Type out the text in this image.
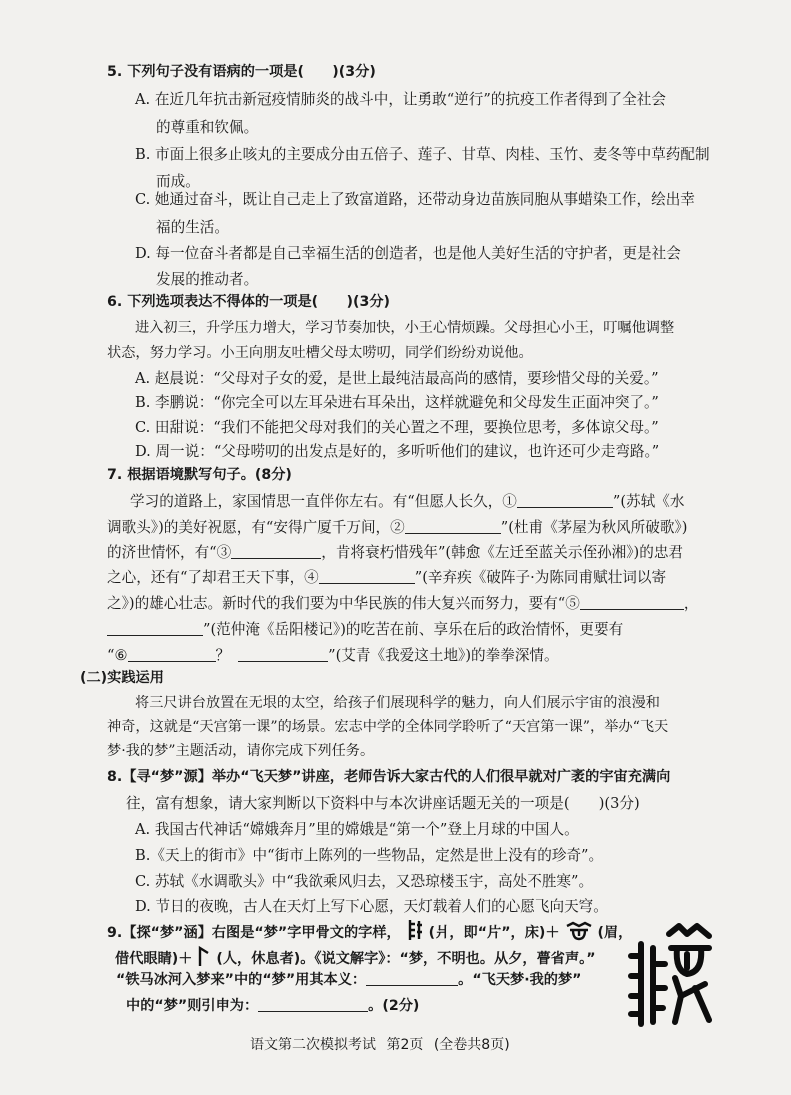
5. 下列句子没有语病的一项是(　　)(3分)
A. 在近几年抗击新冠疫情肺炎的战斗中，让勇敢“逆行”的抗疫工作者得到了全社会
的尊重和钦佩。
B. 市面上很多止咳丸的主要成分由五倍子、莲子、甘草、肉桂、玉竹、麦冬等中草药配制
而成。
C. 她通过奋斗，既让自己走上了致富道路，还带动身边苗族同胞从事蜡染工作，绘出幸
福的生活。
D. 每一位奋斗者都是自己幸福生活的创造者，也是他人美好生活的守护者，更是社会
发展的推动者。
6. 下列选项表达不得体的一项是(　　)(3分)
进入初三，升学压力增大，学习节奏加快，小王心情烦躁。父母担心小王，叮嘱他调整
状态，努力学习。小王向朋友吐槽父母太唠叨，同学们纷纷劝说他。
A. 赵晨说：“父母对子女的爱，是世上最纯洁最高尚的感情，要珍惜父母的关爱。”
B. 李鹏说：“你完全可以左耳朵进右耳朵出，这样就避免和父母发生正面冲突了。”
C. 田甜说：“我们不能把父母对我们的关心置之不理，要换位思考，多体谅父母。”
D. 周一说：“父母唠叨的出发点是好的，多听听他们的建议，也许还可少走弯路。”
7. 根据语境默写句子。(8分)
学习的道路上，家国情思一直伴你左右。有“但愿人长久，①	”(苏轼《水
调歌头》)的美好祝愿，有“安得广厦千万间，②	”(杜甫《茅屋为秋风所破歌》)
的济世情怀，有“③	，肯将衰朽惜残年”(韩愈《左迁至蓝关示侄孙湘》)的忠君
之心，还有“了却君王天下事，④	”(辛弃疾《破阵子·为陈同甫赋壮词以寄
之》)的雄心壮志。新时代的我们要为中华民族的伟大复兴而努力，要有“⑤	，
”(范仲淹《岳阳楼记》)的吃苦在前、享乐在后的政治情怀，更要有
“⑥	？	”(艾青《我爱这土地》)的拳拳深情。
(二)实践运用
将三尺讲台放置在无垠的太空，给孩子们展现科学的魅力，向人们展示宇宙的浪漫和
神奇，这就是“天宫第一课”的场景。宏志中学的全体同学聆听了“天宫第一课”，举办“飞天
梦·我的梦”主题活动，请你完成下列任务。
8.【寻“梦”源】举办“飞天梦”讲座，老师告诉大家古代的人们很早就对广袤的宇宙充满向
往，富有想象，请大家判断以下资料中与本次讲座话题无关的一项是(　　)(3分)
A. 我国古代神话“嫦娥奔月”里的嫦娥是“第一个”登上月球的中国人。
B.《天上的街市》中“街市上陈列的一些物品，定然是世上没有的珍奇”。
C. 苏轼《水调歌头》中“我欲乘风归去，又恐琼楼玉宇，高处不胜寒”。
D. 节日的夜晚，古人在天灯上写下心愿，天灯载着人们的心愿飞向天穹。
9.【探“梦”涵】右图是“梦”字甲骨文的字样， (爿，即“片”，床)＋	(眉，
借代眼睛)＋ (人，休息者)。《说文解字》：“梦，不明也。从夕，瞢省声。”
“铁马冰河入梦来”中的“梦”用其本义：	。“飞天梦·我的梦”
中的“梦”则引申为：	。(2分)
语文第二次模拟考试 第2页 (全卷共8页)
